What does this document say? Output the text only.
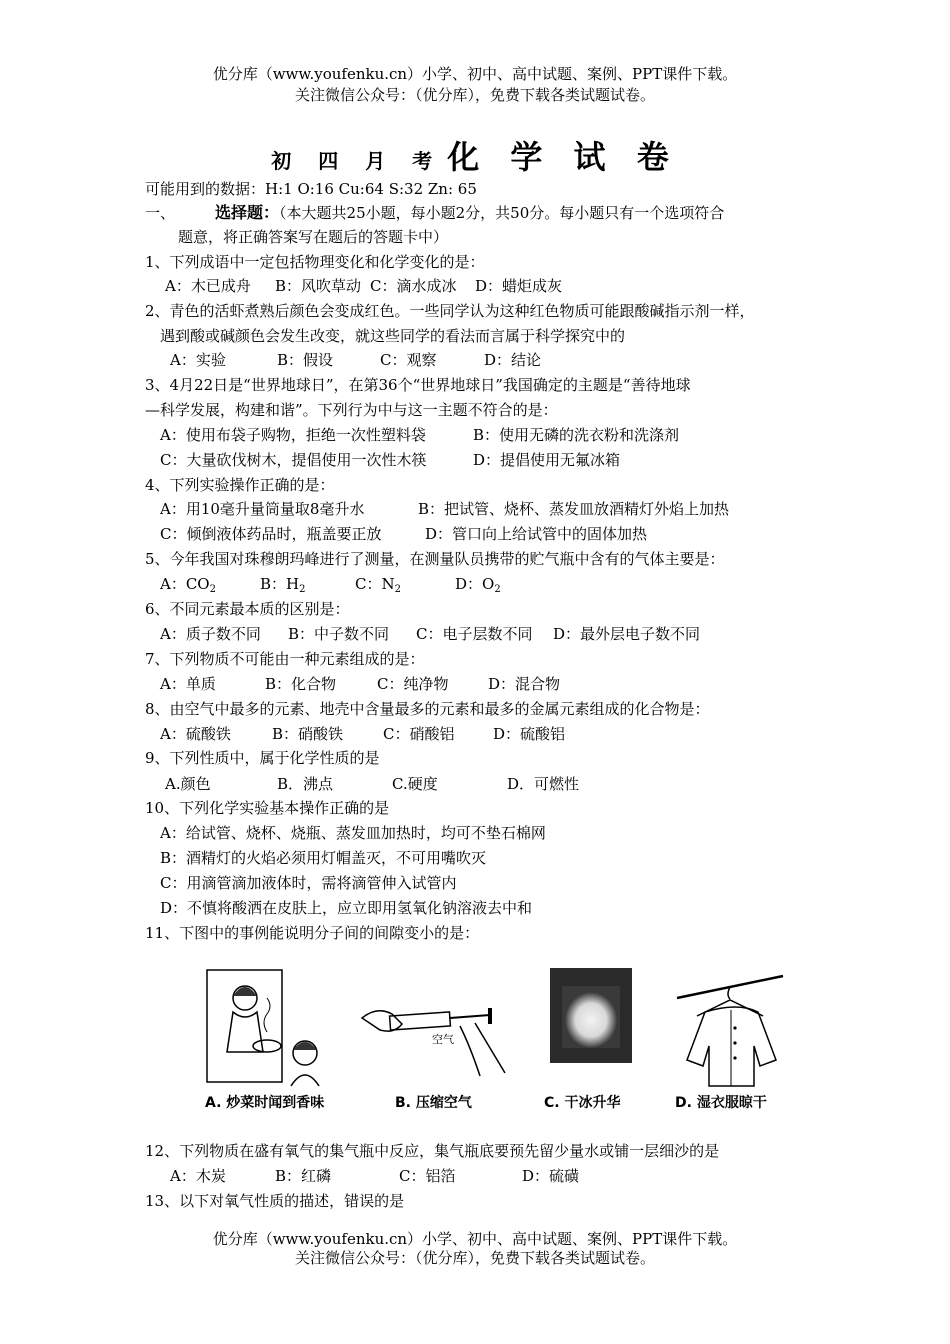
优分库（www.youfenku.cn）小学、初中、高中试题、案例、PPT课件下载。
关注微信公众号：（优分库），免费下载各类试题试卷。
初 四 月 考 化 学 试 卷
可能用到的数据：H:1 O:16 Cu:64 S:32 Zn: 65
一、	选择题：（本大题共25小题，每小题2分，共50分。每小题只有一个选项符合
题意，将正确答案写在题后的答题卡中）
1、下列成语中一定包括物理变化和化学变化的是：
A：木已成舟 B：风吹草动 C：滴水成冰 D：蜡炬成灰
2、青色的活虾煮熟后颜色会变成红色。一些同学认为这种红色物质可能跟酸碱指示剂一样，
遇到酸或碱颜色会发生改变，就这些同学的看法而言属于科学探究中的
A：实验	B：假设	C：观察	D：结论
3、4月22日是“世界地球日”，在第36个“世界地球日”我国确定的主题是“善待地球
—科学发展，构建和谐”。下列行为中与这一主题不符合的是：
A：使用布袋子购物，拒绝一次性塑料袋	B：使用无磷的洗衣粉和洗涤剂
C：大量砍伐树木，提倡使用一次性木筷	D：提倡使用无氟冰箱
4、下列实验操作正确的是：
A：用10毫升量筒量取8毫升水	B：把试管、烧杯、蒸发皿放酒精灯外焰上加热
C：倾倒液体药品时，瓶盖要正放	D：管口向上给试管中的固体加热
5、今年我国对珠穆朗玛峰进行了测量，在测量队员携带的贮气瓶中含有的气体主要是：
A：$CO_2$	B：$H_2$	C：$N_2$	D：$O_2$
6、不同元素最本质的区别是：
A：质子数不同 B：中子数不同 C：电子层数不同 D：最外层电子数不同
7、下列物质不可能由一种元素组成的是：
A：单质	B：化合物	C：纯净物	D：混合物
8、由空气中最多的元素、地壳中含量最多的元素和最多的金属元素组成的化合物是：
A：硫酸铁	B：硝酸铁	C：硝酸铝	D：硫酸铝
9、下列性质中，属于化学性质的是
A.颜色	B．沸点	C.硬度	D．可燃性
10、下列化学实验基本操作正确的是
A：给试管、烧杯、烧瓶、蒸发皿加热时，均可不垫石棉网
B：酒精灯的火焰必须用灯帽盖灭，不可用嘴吹灭
C：用滴管滴加液体时，需将滴管伸入试管内
D：不慎将酸洒在皮肤上，应立即用氢氧化钠溶液去中和
11、下图中的事例能说明分子间的间隙变小的是：
A. 炒菜时闻到香味
空气
B. 压缩空气	C. 干冰升华	D. 湿衣服晾干
12、下列物质在盛有氧气的集气瓶中反应，集气瓶底要预先留少量水或铺一层细沙的是
A：木炭	B：红磷	C：铝箔	D：硫磺
13、以下对氧气性质的描述，错误的是
优分库（www.youfenku.cn）小学、初中、高中试题、案例、PPT课件下载。
关注微信公众号：（优分库），免费下载各类试题试卷。
